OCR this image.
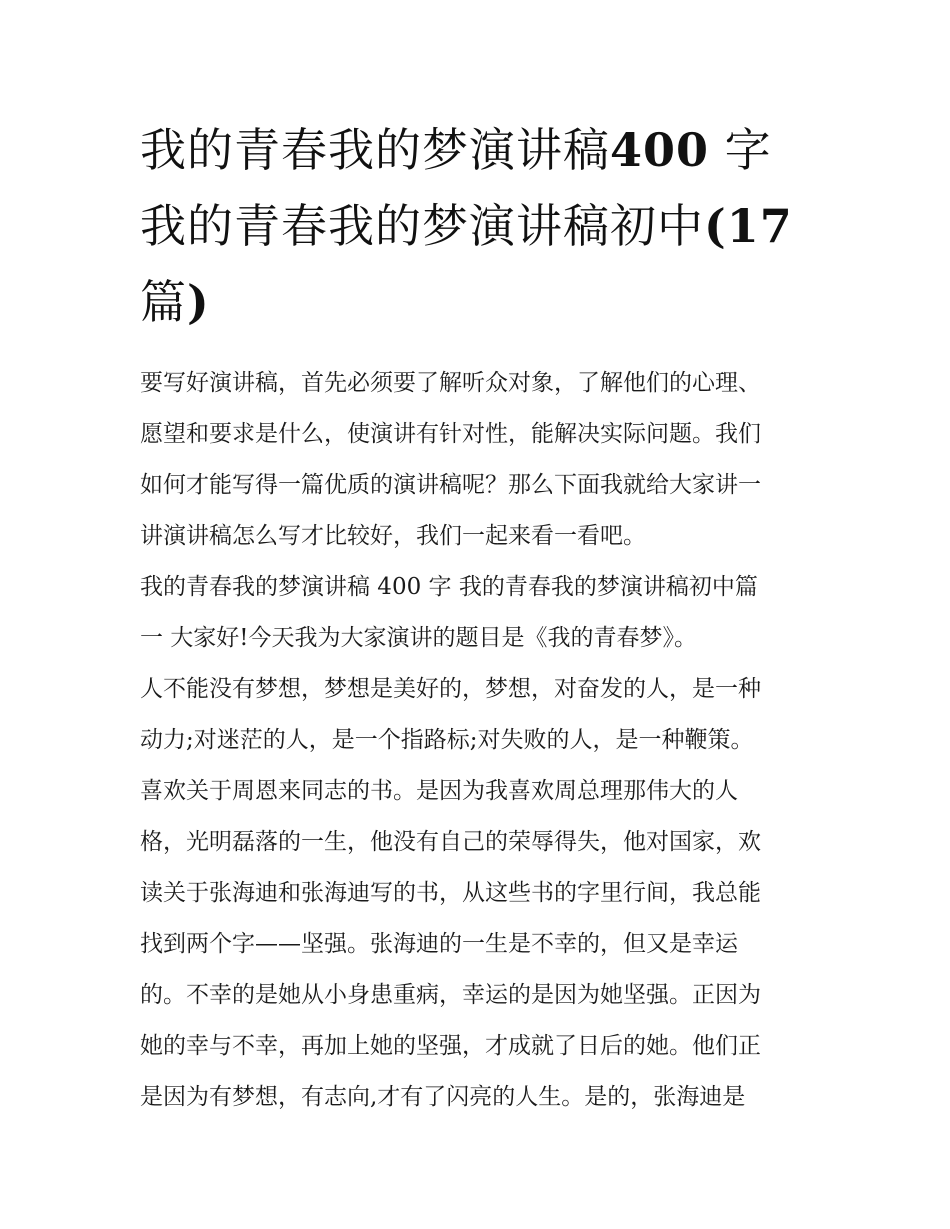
我的青春我的梦演讲稿400 字
我的青春我的梦演讲稿初中(17
篇)
要写好演讲稿，首先必须要了解听众对象，了解他们的心理、
愿望和要求是什么，使演讲有针对性，能解决实际问题。我们
如何才能写得一篇优质的演讲稿呢？那么下面我就给大家讲一
讲演讲稿怎么写才比较好，我们一起来看一看吧。
我的青春我的梦演讲稿 400 字 我的青春我的梦演讲稿初中篇
一 大家好!今天我为大家演讲的题目是《我的青春梦》。
人不能没有梦想，梦想是美好的，梦想，对奋发的人，是一种
动力;对迷茫的人，是一个指路标;对失败的人，是一种鞭策。
喜欢关于周恩来同志的书。是因为我喜欢周总理那伟大的人
格，光明磊落的一生，他没有自己的荣辱得失，他对国家，欢
读关于张海迪和张海迪写的书，从这些书的字里行间，我总能
找到两个字——坚强。张海迪的一生是不幸的，但又是幸运
的。不幸的是她从小身患重病，幸运的是因为她坚强。正因为
她的幸与不幸，再加上她的坚强，才成就了日后的她。他们正
是因为有梦想，有志向,才有了闪亮的人生。是的，张海迪是
